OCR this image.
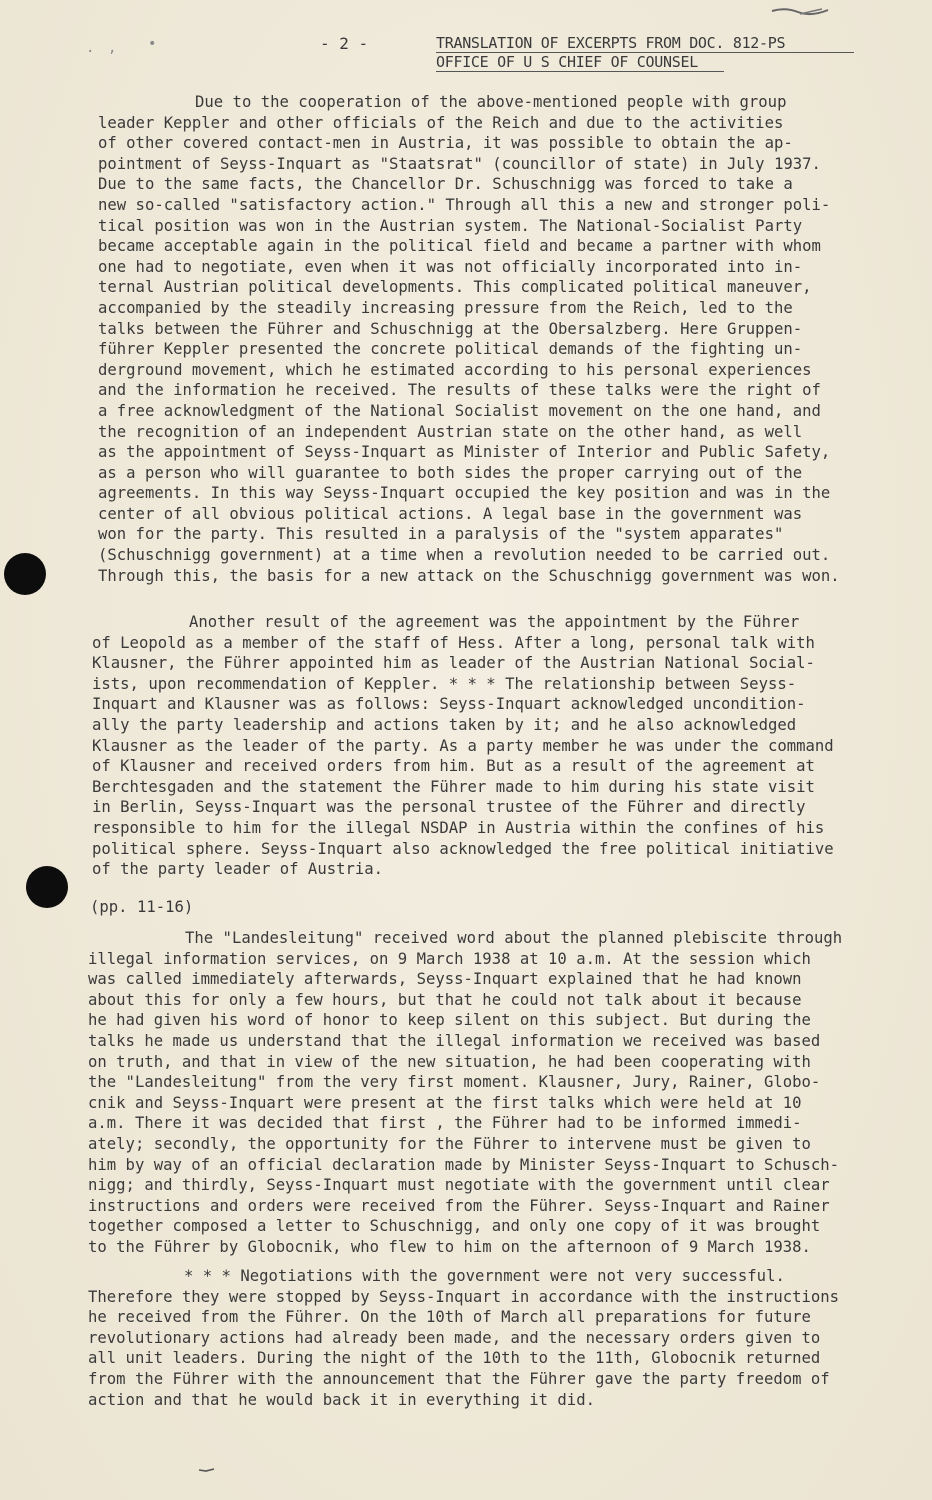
. , •	- 2 -	TRANSLATION OF EXCERPTS FROM DOC. 812-PS
OFFICE OF U S CHIEF OF COUNSEL
Due to the cooperation of the above-mentioned people with group
leader Keppler and other officials of the Reich and due to the activities
of other covered contact-men in Austria, it was possible to obtain the ap-
pointment of Seyss-Inquart as "Staatsrat" (councillor of state) in July 1937.
Due to the same facts, the Chancellor Dr. Schuschnigg was forced to take a
new so-called "satisfactory action." Through all this a new and stronger poli-
tical position was won in the Austrian system. The National-Socialist Party
became acceptable again in the political field and became a partner with whom
one had to negotiate, even when it was not officially incorporated into in-
ternal Austrian political developments. This complicated political maneuver,
accompanied by the steadily increasing pressure from the Reich, led to the
talks between the Führer and Schuschnigg at the Obersalzberg. Here Gruppen-
führer Keppler presented the concrete political demands of the fighting un-
derground movement, which he estimated according to his personal experiences
and the information he received. The results of these talks were the right of
a free acknowledgment of the National Socialist movement on the one hand, and
the recognition of an independent Austrian state on the other hand, as well
as the appointment of Seyss-Inquart as Minister of Interior and Public Safety,
as a person who will guarantee to both sides the proper carrying out of the
agreements. In this way Seyss-Inquart occupied the key position and was in the
center of all obvious political actions. A legal base in the government was
won for the party. This resulted in a paralysis of the "system apparates"
(Schuschnigg government) at a time when a revolution needed to be carried out.
Through this, the basis for a new attack on the Schuschnigg government was won.
Another result of the agreement was the appointment by the Führer
of Leopold as a member of the staff of Hess. After a long, personal talk with
Klausner, the Führer appointed him as leader of the Austrian National Social-
ists, upon recommendation of Keppler. * * * The relationship between Seyss-
Inquart and Klausner was as follows: Seyss-Inquart acknowledged uncondition-
ally the party leadership and actions taken by it; and he also acknowledged
Klausner as the leader of the party. As a party member he was under the command
of Klausner and received orders from him. But as a result of the agreement at
Berchtesgaden and the statement the Führer made to him during his state visit
in Berlin, Seyss-Inquart was the personal trustee of the Führer and directly
responsible to him for the illegal NSDAP in Austria within the confines of his
political sphere. Seyss-Inquart also acknowledged the free political initiative
of the party leader of Austria.
(pp. 11-16)
The "Landesleitung" received word about the planned plebiscite through
illegal information services, on 9 March 1938 at 10 a.m. At the session which
was called immediately afterwards, Seyss-Inquart explained that he had known
about this for only a few hours, but that he could not talk about it because
he had given his word of honor to keep silent on this subject. But during the
talks he made us understand that the illegal information we received was based
on truth, and that in view of the new situation, he had been cooperating with
the "Landesleitung" from the very first moment. Klausner, Jury, Rainer, Globo-
cnik and Seyss-Inquart were present at the first talks which were held at 10
a.m. There it was decided that first , the Führer had to be informed immedi-
ately; secondly, the opportunity for the Führer to intervene must be given to
him by way of an official declaration made by Minister Seyss-Inquart to Schusch-
nigg; and thirdly, Seyss-Inquart must negotiate with the government until clear
instructions and orders were received from the Führer. Seyss-Inquart and Rainer
together composed a letter to Schuschnigg, and only one copy of it was brought
to the Führer by Globocnik, who flew to him on the afternoon of 9 March 1938.
* * * Negotiations with the government were not very successful.
Therefore they were stopped by Seyss-Inquart in accordance with the instructions
he received from the Führer. On the 10th of March all preparations for future
revolutionary actions had already been made, and the necessary orders given to
all unit leaders. During the night of the 10th to the 11th, Globocnik returned
from the Führer with the announcement that the Führer gave the party freedom of
action and that he would back it in everything it did.
